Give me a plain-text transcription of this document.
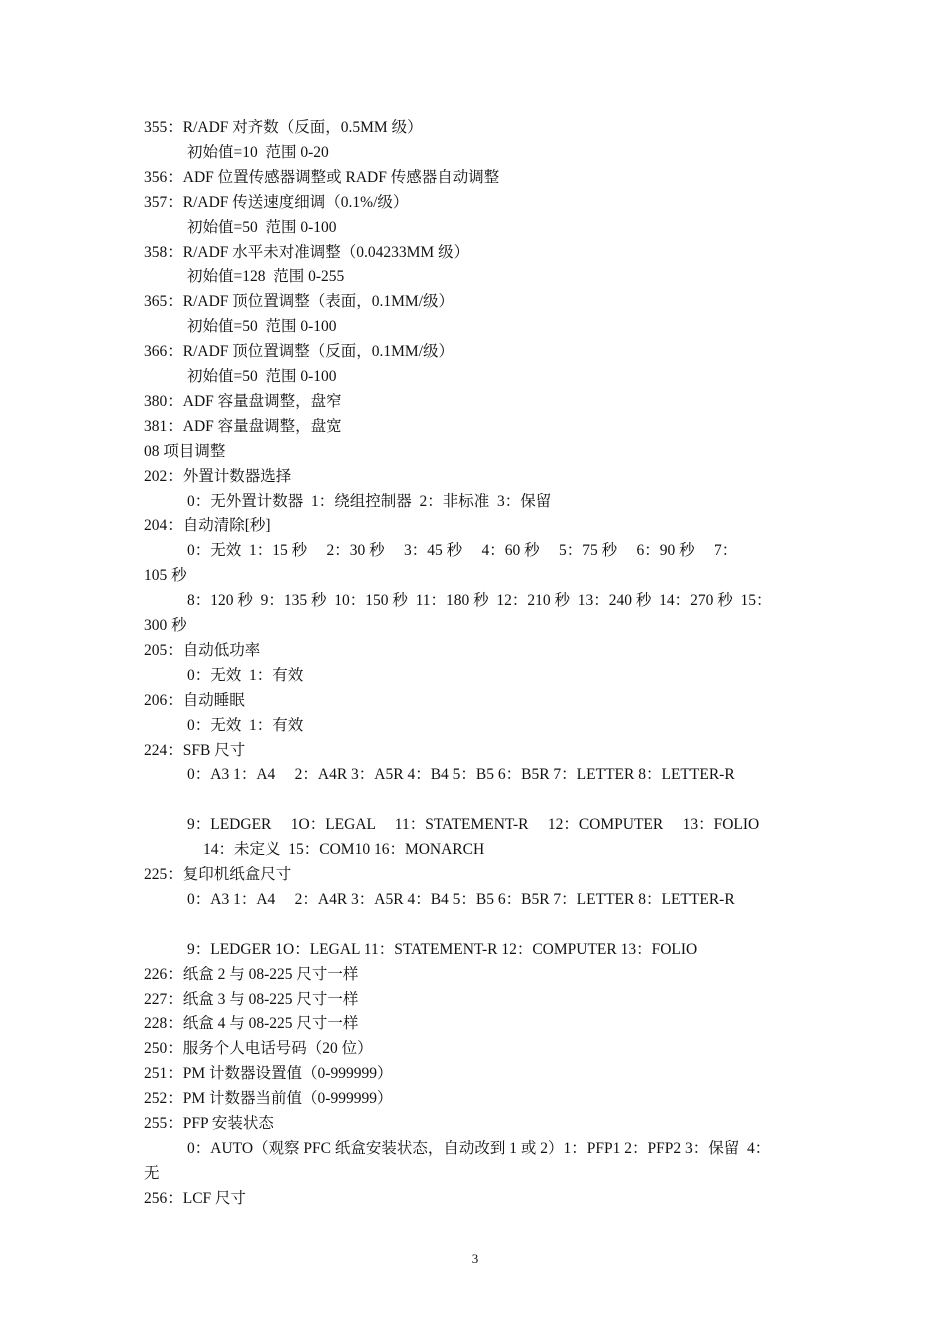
355：R/ADF 对齐数（反面，0.5MM 级）
初始值=10  范围 0-20
356：ADF 位置传感器调整或 RADF 传感器自动调整
357：R/ADF 传送速度细调（0.1%/级）
初始值=50  范围 0-100
358：R/ADF 水平未对准调整（0.04233MM 级）
初始值=128  范围 0-255
365：R/ADF 顶位置调整（表面，0.1MM/级）
初始值=50  范围 0-100
366：R/ADF 顶位置调整（反面，0.1MM/级）
初始值=50  范围 0-100
380：ADF 容量盘调整，盘窄
381：ADF 容量盘调整，盘宽
08 项目调整
202：外置计数器选择
0：无外置计数器  1：绕组控制器  2：非标准  3：保留
204：自动清除[秒]
0：无效  1：15 秒     2：30 秒     3：45 秒     4：60 秒     5：75 秒     6：90 秒     7：
105 秒
8：120 秒  9：135 秒  10：150 秒  11：180 秒  12：210 秒  13：240 秒  14：270 秒  15：
300 秒
205：自动低功率
0：无效  1：有效
206：自动睡眠
0：无效  1：有效
224：SFB 尺寸
0：A3 1：A4     2：A4R 3：A5R 4：B4 5：B5 6：B5R 7：LETTER 8：LETTER-R
9：LEDGER     1O：LEGAL     11：STATEMENT-R     12：COMPUTER     13：FOLIO
14：未定义  15：COM10 16：MONARCH
225：复印机纸盒尺寸
0：A3 1：A4     2：A4R 3：A5R 4：B4 5：B5 6：B5R 7：LETTER 8：LETTER-R
9：LEDGER 1O：LEGAL 11：STATEMENT-R 12：COMPUTER 13：FOLIO
226：纸盒 2 与 08-225 尺寸一样
227：纸盒 3 与 08-225 尺寸一样
228：纸盒 4 与 08-225 尺寸一样
250：服务个人电话号码（20 位）
251：PM 计数器设置值（0-999999）
252：PM 计数器当前值（0-999999）
255：PFP 安装状态
0：AUTO（观察 PFC 纸盒安装状态，自动改到 1 或 2）1：PFP1 2：PFP2 3：保留  4：
无
256：LCF 尺寸
3
